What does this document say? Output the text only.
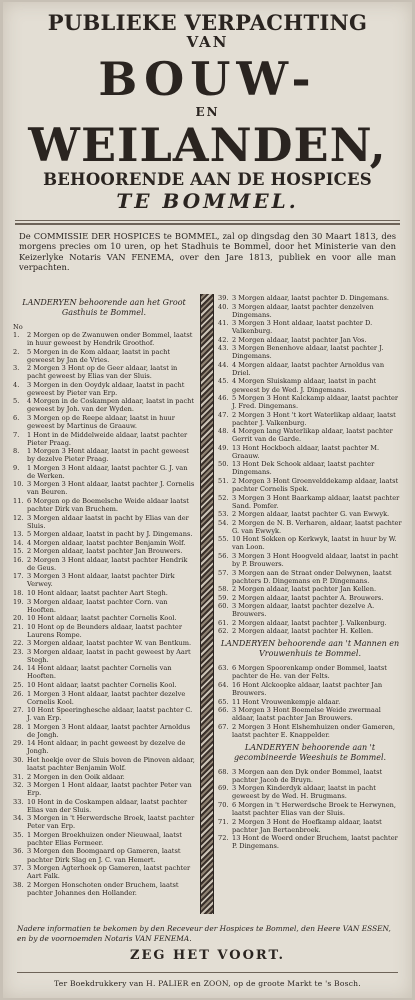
PUBLIEKE VERPACHTING
VAN
BOUW-
EN
WEILANDEN,
BEHOORENDE AAN DE HOSPICES
TE BOMMEL.
De COMMISSIE DER HOSPICES te BOMMEL, zal op dingsdag den 30 Maart 1813, des morgens precies om 10 uren, op het Stadhuis te Bommel, door het Ministerie van den Keizerlyke Notaris VAN FENEMA, over den Jare 1813, publiek en voor alle man verpachten.
LANDERYEN behoorende aan het Groot Gasthuis te Bommel.
No 1. 2 Morgen op de Zwanuwen onder Bommel, laatst in huur geweest by Hendrik Groothof.
2. 5 Morgen in de Kom aldaar, laatst in pacht geweest by Jan de Vries.
3. 2 Morgen 3 Hont op de Geer aldaar, laatst in pacht geweest by Elias van der Sluis.
4. 3 Morgen in den Ooydyk aldaar, laatst in pacht geweest by Pieter van Erp.
5. 4 Morgen in de Coskampen aldaar, laatst in pacht geweest by Joh. van der Wyden.
6. 3 Morgen op de Reepe aldaar, laatst in huur geweest by Martinus de Graauw.
7. 1 Hont in de Middelweide aldaar, laatst pachter Pieter Praag.
8. 1 Morgen 3 Hont aldaar, laatst in pacht geweest by dezelve Pieter Praag.
9. 1 Morgen 3 Hont aldaar, laatst pachter G. J. van de Werken.
10. 3 Morgen 3 Hont aldaar, laatst pachter J. Cornelis van Beuren.
11. 6 Morgen op de Boemelsche Weide aldaar laatst pachter Dirk van Bruchem.
12. 3 Morgen aldaar laatst in pacht by Elias van der Sluis.
13. 5 Morgen aldaar, laatst in pacht by J. Dingemans.
14. 4 Morgen aldaar, laatst pachter Benjamin Wolf.
15. 2 Morgen aldaar, laatst pachter Jan Brouwers.
16. 2 Morgen 3 Hont aldaar, laatst pachter Hendrik de Geus.
17. 3 Morgen 3 Hont aldaar, laatst pachter Dirk Verwey.
18. 10 Hont aldaar, laatst pachter Aart Stegh.
19. 3 Morgen aldaar, laatst pachter Corn. van Hooften.
20. 10 Hont aldaar, laatst pachter Cornelis Kool.
21. 10 Hont op de Beunders aldaar, laatst pachter Laurens Rompe.
22. 3 Morgen aldaar, laatst pachter W. van Bentkum.
23. 3 Morgen aldaar, laatst in pacht geweest by Aart Stegh.
24. 14 Hont aldaar, laatst pachter Cornelis van Hooften.
25. 10 Hont aldaar, laatst pachter Cornelis Kool.
26. 1 Morgen 3 Hont aldaar, laatst pachter dezelve Cornelis Kool.
27. 10 Hont Speeringhesche aldaar, laatst pachter C. J. van Erp.
28. 1 Morgen 3 Hont aldaar, laatst pachter Arnoldus de Jongh.
29. 14 Hont aldaar, in pacht geweest by dezelve de Jongh.
30. Het hoekje over de Sluis boven de Pinoven aldaar, laatst pachter Benjamin Wolf.
31. 2 Morgen in den Ooik aldaar.
32. 3 Morgen 1 Hont aldaar, laatst pachter Peter van Erp.
33. 10 Hont in de Coskampen aldaar, laatst pachter Elias van der Sluis.
34. 3 Morgen in 't Herwerdsche Broek, laatst pachter Peter van Erp.
35. 1 Morgen Broekhuizen onder Nieuwaal, laatst pachter Elias Fermeer.
36. 3 Morgen den Boomgaard op Gameren, laatst pachter Dirk Slag en J. C. van Hemert.
37. 3 Morgen Agterhoek op Gameren, laatst pachter Aart Falk.
38. 2 Morgen Honschoten onder Bruchem, laatst pachter Johannes den Hollander.
39. 3 Morgen aldaar, laatst pachter D. Dingemans.
40. 3 Morgen aldaar, laatst pachter denzelven Dingemans.
41. 3 Morgen 3 Hont aldaar, laatst pachter D. Valkenburg.
42. 2 Morgen aldaar, laatst pachter Jan Vos.
43. 3 Morgen Benenhove aldaar, laatst pachter J. Dingemans.
44. 4 Morgen aldaar, laatst pachter Arnoldus van Driel.
45. 4 Morgen Sluiskamp aldaar, laatst in pacht geweest by de Wed. J. Dingemans.
46. 5 Morgen 3 Hont Kalckamp aldaar, laatst pachter J. Fred. Dingemans.
47. 2 Morgen 3 Hont 't kort Waterlikap aldaar, laatst pachter J. Valkenburg.
48. 4 Morgen lang Waterlikap aldaar, laatst pachter Gerrit van de Garde.
49. 13 Hont Hockboch aldaar, laatst pachter M. Graauw.
50. 13 Hont Dek Schook aldaar, laatst pachter Dingemans.
51. 2 Morgen 3 Hont Groenvelddekamp aldaar, laatst pachter Cornelis Spek.
52. 3 Morgen 3 Hont Baarkamp aldaar, laatst pachter Sand. Pomfer.
53. 2 Morgen aldaar, laatst pachter G. van Ewwyk.
54. 2 Morgen de N. B. Verharen, aldaar, laatst pachter G. van Ewwyk.
55. 10 Hont Sokken op Kerkwyk, laatst in huur by W. van Loon.
56. 3 Morgen 3 Hont Hoogveld aldaar, laatst in pacht by P. Brouwers.
57. 3 Morgen aan de Straat onder Delwynen, laatst pachters D. Dingemans en P. Dingemans.
58. 2 Morgen aldaar, laatst pachter Jan Kellen.
59. 2 Morgen aldaar, laatst pachter A. Brouwers.
60. 3 Morgen aldaar, laatst pachter dezelve A. Brouwers.
61. 2 Morgen aldaar, laatst pachter J. Valkenburg.
62. 2 Morgen aldaar, laatst pachter H. Kellen.
LANDERYEN behoorende aan 't Mannen en Vrouwenhuis te Bommel.
63. 6 Morgen Spoorenkamp onder Bommel, laatst pachter de He. van der Felts.
64. 16 Hont Alckoopke aldaar, laatst pachter Jan Brouwers.
65. 11 Hont Vrouwenkempje aldaar.
66. 3 Morgen 3 Hont Boemelse Weide zwermaal aldaar, laatst pachter Jan Brouwers.
67. 2 Morgen 3 Hont Elshemhuizen onder Gameren, laatst pachter E. Knappelder.
LANDERYEN behoorende aan 't gecombineerde Weeshuis te Bommel.
68. 3 Morgen aan den Dyk onder Bommel, laatst pachter Jacob de Bruyn.
69. 3 Morgen Kinderdyk aldaar, laatst in pacht geweest by de Wed. H. Brugmans.
70. 6 Morgen in 't Herwerdsche Broek te Herwynen, laatst pachter Elias van der Sluis.
71. 2 Morgen 3 Hont de Hoefkamp aldaar, laatst pachter Jan Bertaenbroek.
72. 13 Hont de Woerd onder Bruchem, laatst pachter P. Dingemans.
Nadere informatien te bekomen by den Receveur der Hospices te Bommel, den Heere VAN ESSEN, en by de voornoemden Notaris VAN FENEMA.
ZEG HET VOORT.
Ter Boekdrukkery van H. PALIER en ZOON, op de groote Markt te 's Bosch.
